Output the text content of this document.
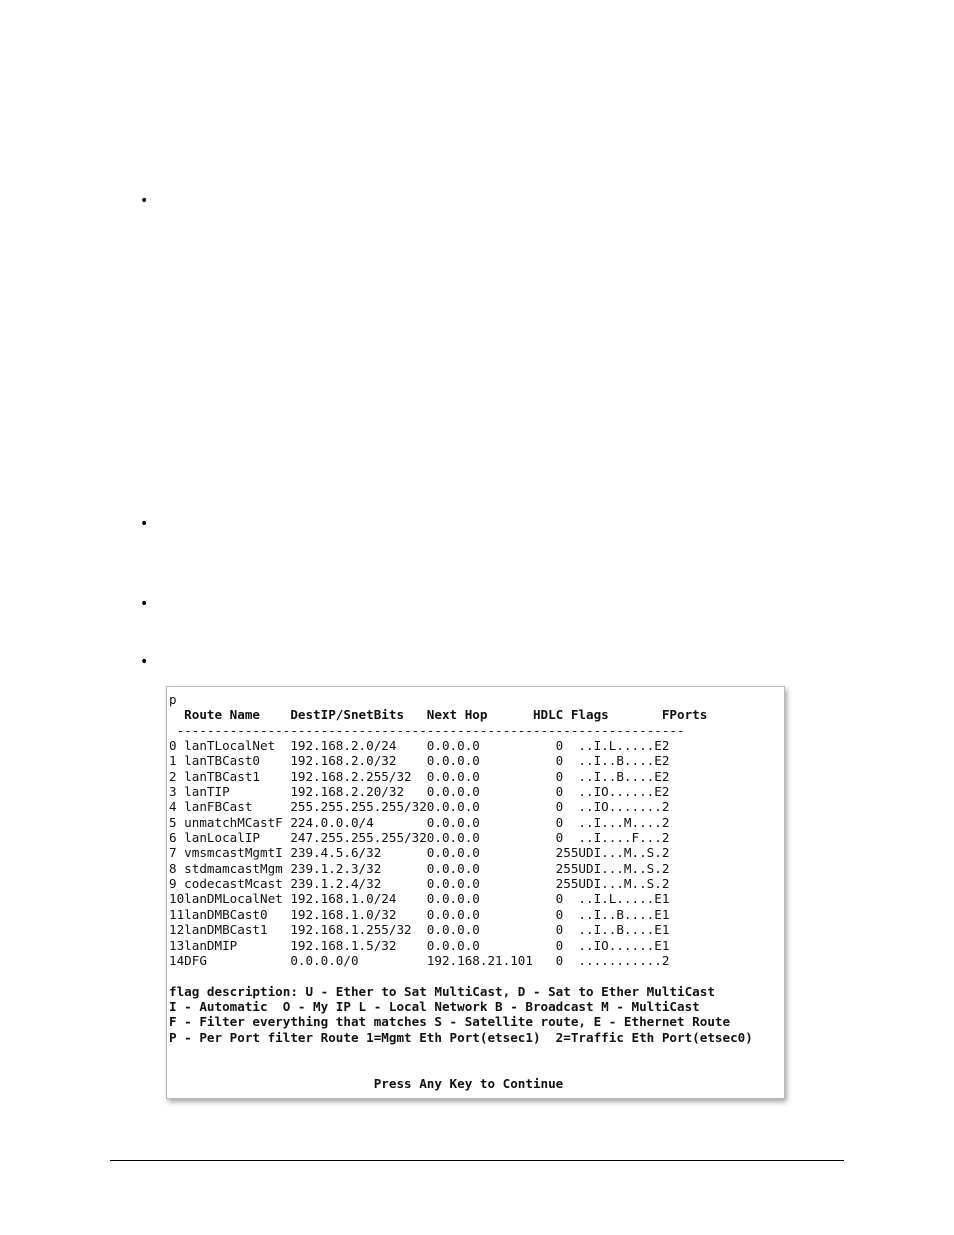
•
•
•
•
p
Route Name    DestIP/SnetBits   Next Hop      HDLC Flags       FPorts
-------------------------------------------------------------------
0 lanTLocalNet  192.168.2.0/24    0.0.0.0          0  ..I.L.....E2
1 lanTBCast0    192.168.2.0/32    0.0.0.0          0  ..I..B....E2
2 lanTBCast1    192.168.2.255/32  0.0.0.0          0  ..I..B....E2
3 lanTIP        192.168.2.20/32   0.0.0.0          0  ..IO......E2
4 lanFBCast     255.255.255.255/320.0.0.0          0  ..IO.......2
5 unmatchMCastF 224.0.0.0/4       0.0.0.0          0  ..I...M....2
6 lanLocalIP    247.255.255.255/320.0.0.0          0  ..I....F...2
7 vmsmcastMgmtI 239.4.5.6/32      0.0.0.0          255UDI...M..S.2
8 stdmamcastMgm 239.1.2.3/32      0.0.0.0          255UDI...M..S.2
9 codecastMcast 239.1.2.4/32      0.0.0.0          255UDI...M..S.2
10lanDMLocalNet 192.168.1.0/24    0.0.0.0          0  ..I.L.....E1
11lanDMBCast0   192.168.1.0/32    0.0.0.0          0  ..I..B....E1
12lanDMBCast1   192.168.1.255/32  0.0.0.0          0  ..I..B....E1
13lanDMIP       192.168.1.5/32    0.0.0.0          0  ..IO......E1
14DFG           0.0.0.0/0         192.168.21.101   0  ...........2
flag description: U - Ether to Sat MultiCast, D - Sat to Ether MultiCast
I - Automatic  O - My IP L - Local Network B - Broadcast M - MultiCast
F - Filter everything that matches S - Satellite route, E - Ethernet Route
P - Per Port filter Route 1=Mgmt Eth Port(etsec1)  2=Traffic Eth Port(etsec0)
Press Any Key to Continue
